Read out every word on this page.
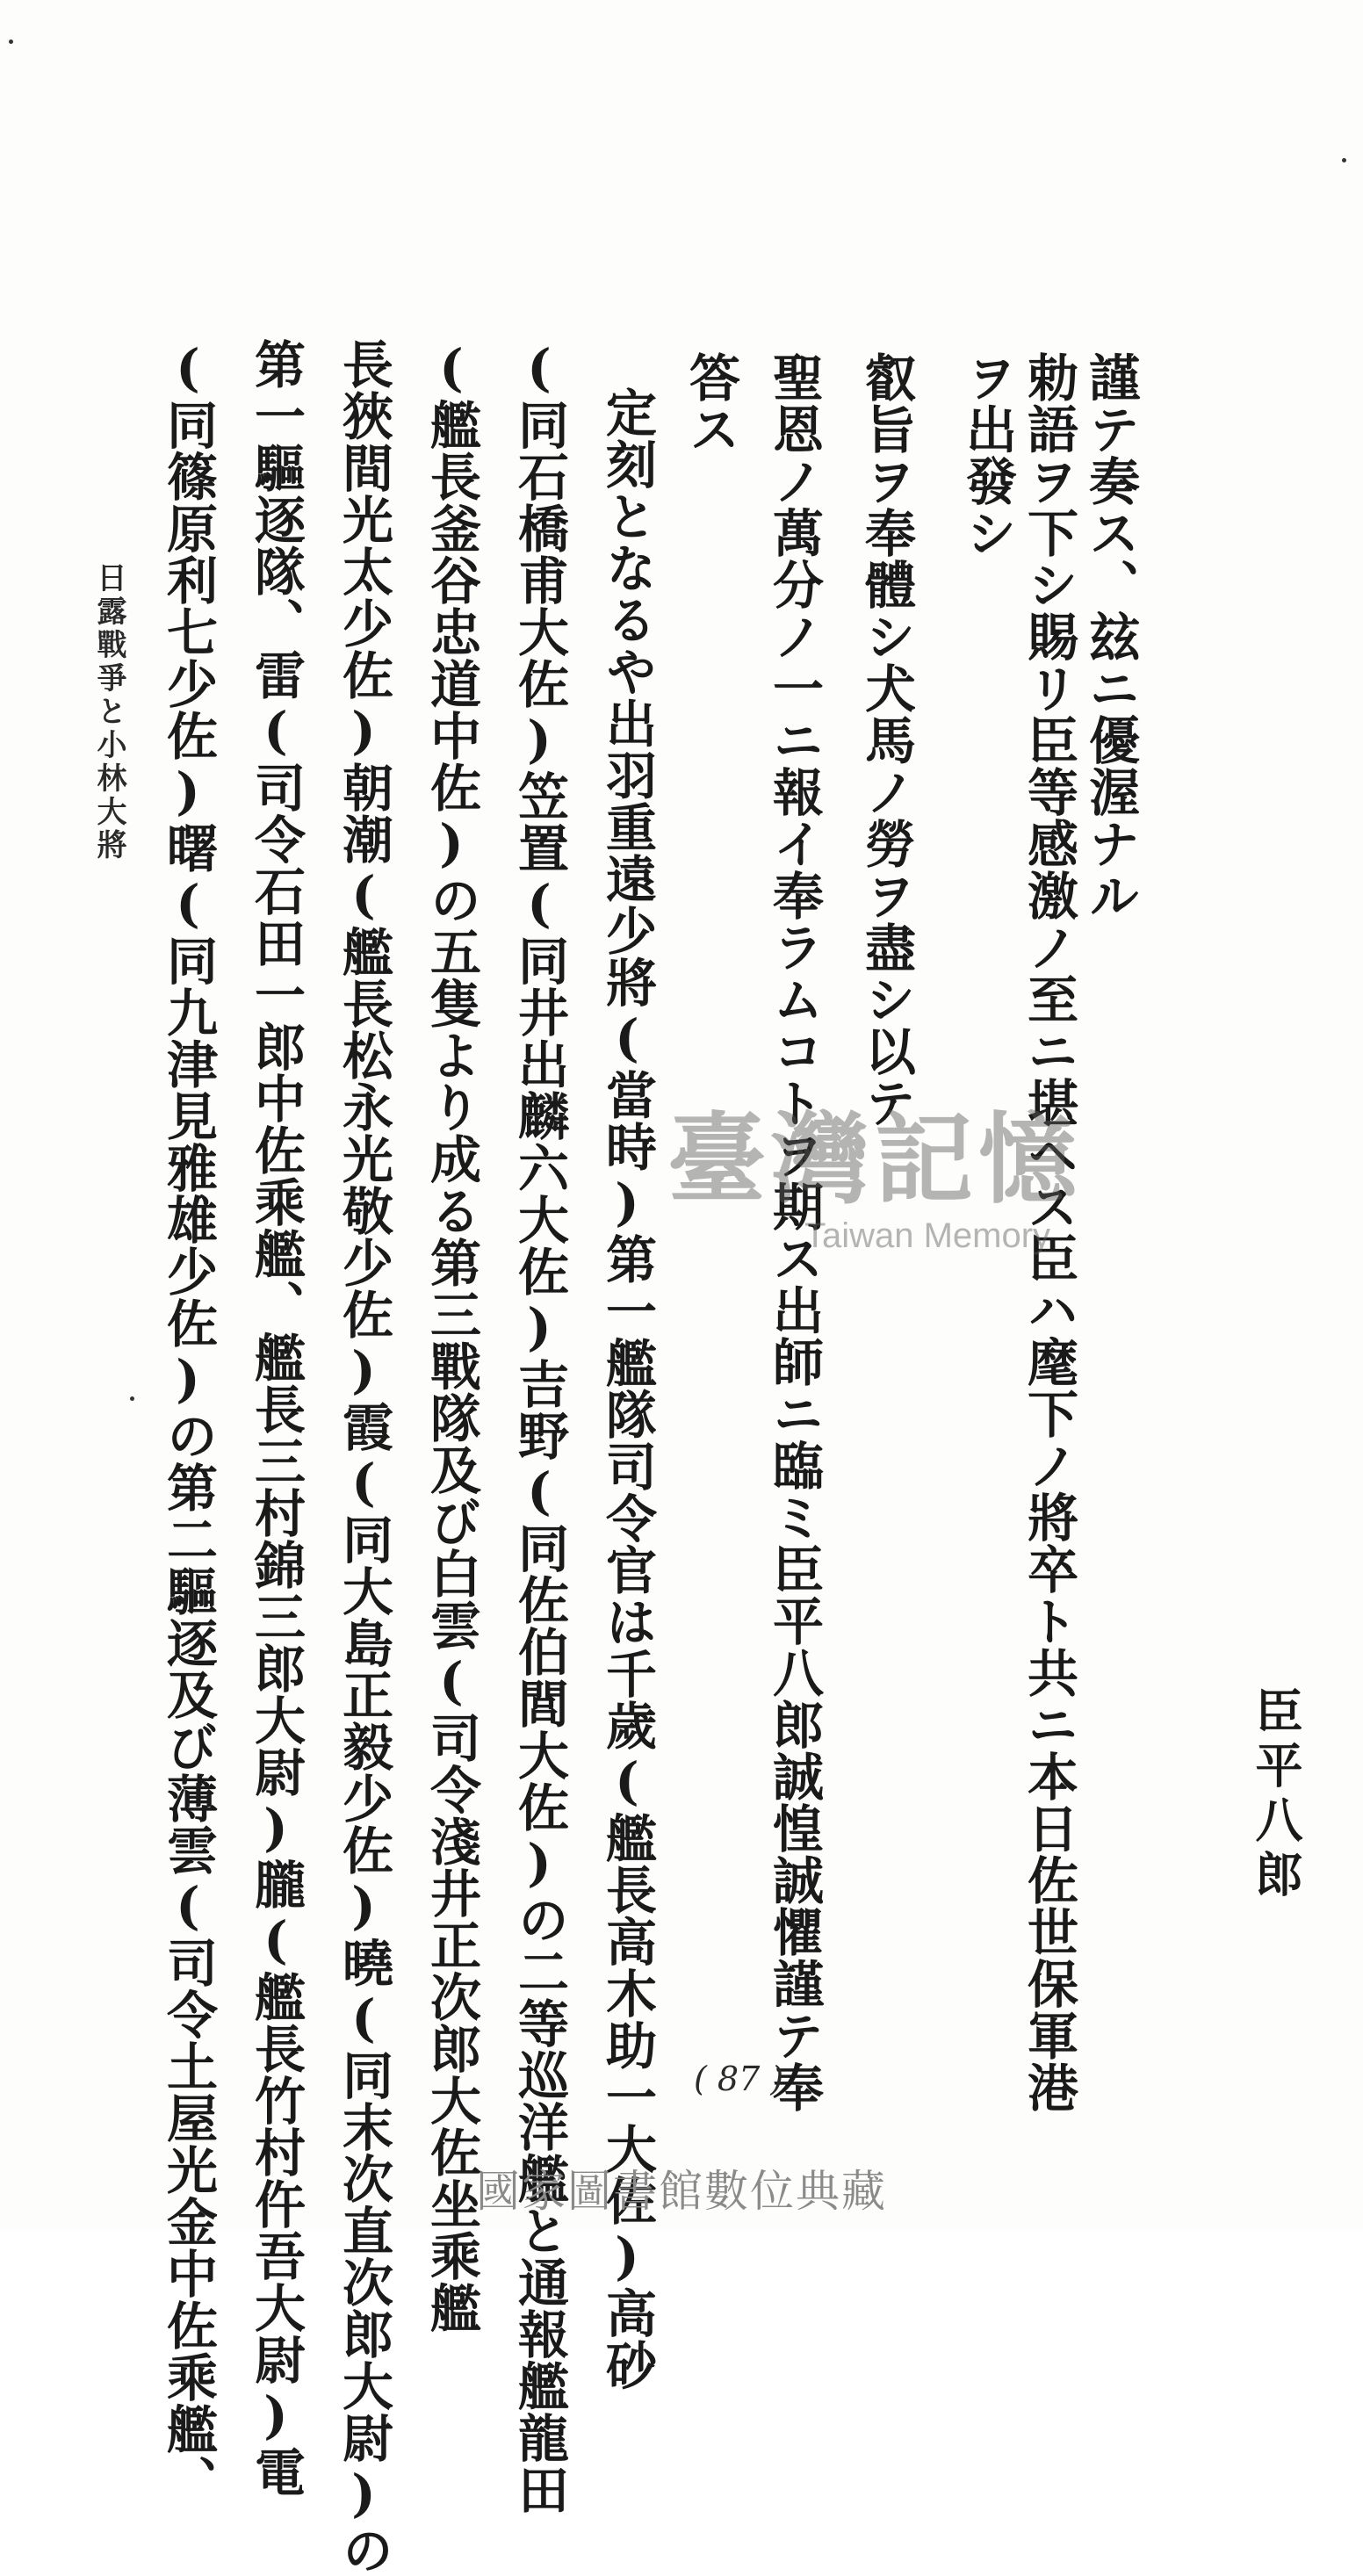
臣平八郎
謹テ奏ス、玆ニ優渥ナル
勅語ヲ下シ賜リ臣等感激ノ至ニ堪ヘス臣ハ麾下ノ將卒ト共ニ本日佐世保軍港
ヲ出發シ
叡旨ヲ奉體シ犬馬ノ勞ヲ盡シ以テ
聖恩ノ萬分ノ一ニ報イ奉ラムコトヲ期ス出師ニ臨ミ臣平八郎誠惶誠懼謹テ奉
答ス
定刻となるや出羽重遠少將(當時)第一艦隊司令官は千歲(艦長高木助一大佐)高砂
(同石橋甫大佐)笠置(同井出麟六大佐)吉野(同佐伯閭大佐)の二等巡洋艦と通報艦龍田
(艦長釜谷忠道中佐)の五隻より成る第三戰隊及び白雲(司令淺井正次郎大佐坐乘艦
長狹間光太少佐)朝潮(艦長松永光敬少佐)霞(同大島正毅少佐)曉(同末次直次郎大尉)の
第一驅逐隊、雷(司令石田一郎中佐乘艦、艦長三村錦三郎大尉)朧(艦長竹村仵吾大尉)電
(同篠原利七少佐)曙(同九津見雅雄少佐)の第二驅逐及び薄雲(司令土屋光金中佐乘艦、
日露戰爭と小林大將
臺灣記憶
Taiwan Memory
( 87 )
國家圖書館數位典藏
